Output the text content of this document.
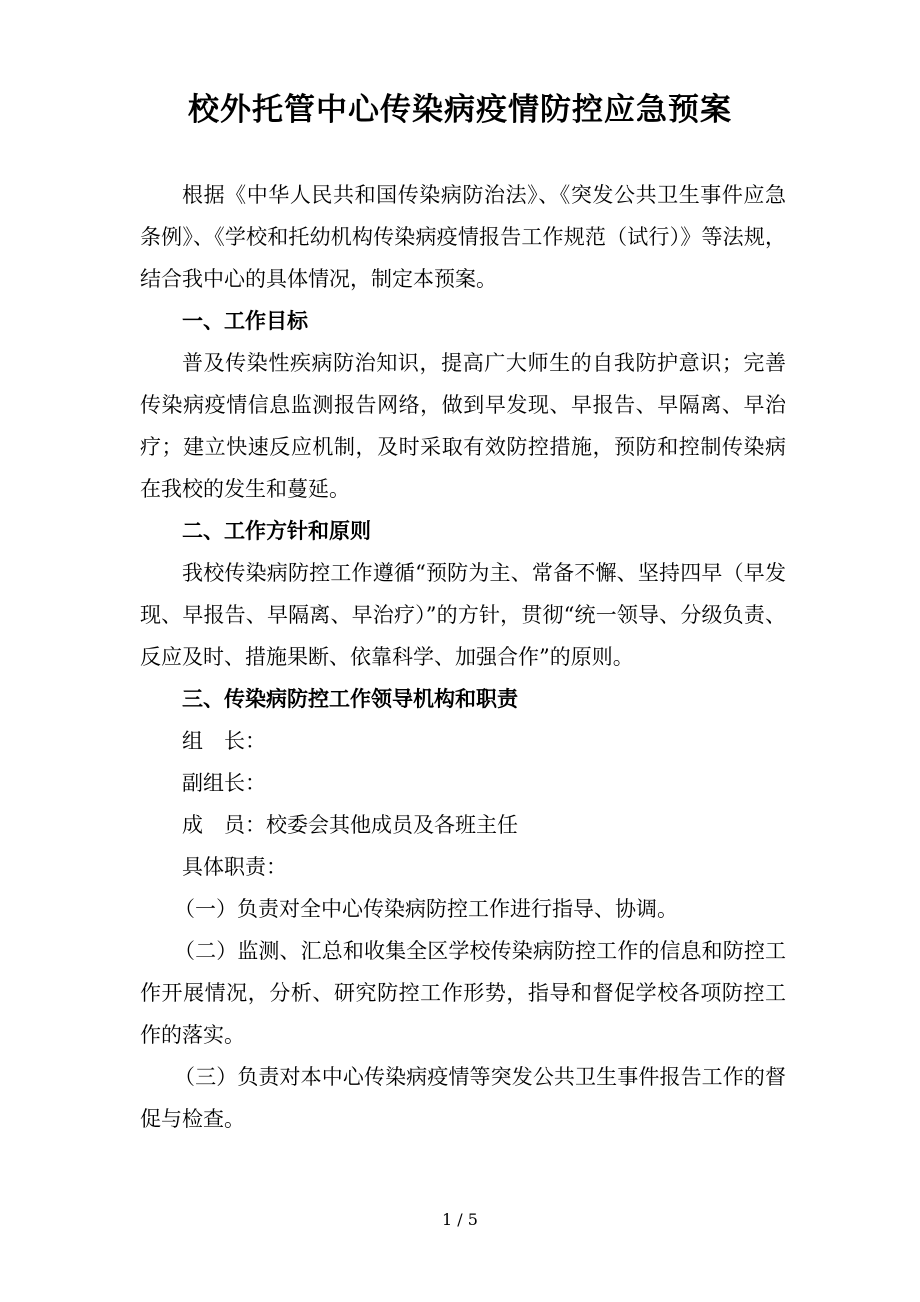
校外托管中心传染病疫情防控应急预案

根据《中华人民共和国传染病防治法》、《突发公共卫生事件应急条例》、《学校和托幼机构传染病疫情报告工作规范（试行）》等法规，结合我中心的具体情况，制定本预案。

一、工作目标

普及传染性疾病防治知识，提高广大师生的自我防护意识；完善传染病疫情信息监测报告网络，做到早发现、早报告、早隔离、早治疗；建立快速反应机制，及时采取有效防控措施，预防和控制传染病在我校的发生和蔓延。

二、工作方针和原则

我校传染病防控工作遵循“预防为主、常备不懈、坚持四早（早发现、早报告、早隔离、早治疗）”的方针，贯彻“统一领导、分级负责、反应及时、措施果断、依靠科学、加强合作”的原则。

三、传染病防控工作领导机构和职责

组　长：

副组长：

成　员：校委会其他成员及各班主任

具体职责：

（一）负责对全中心传染病防控工作进行指导、协调。

（二）监测、汇总和收集全区学校传染病防控工作的信息和防控工作开展情况，分析、研究防控工作形势，指导和督促学校各项防控工作的落实。

（三）负责对本中心传染病疫情等突发公共卫生事件报告工作的督促与检查。

1 / 5
